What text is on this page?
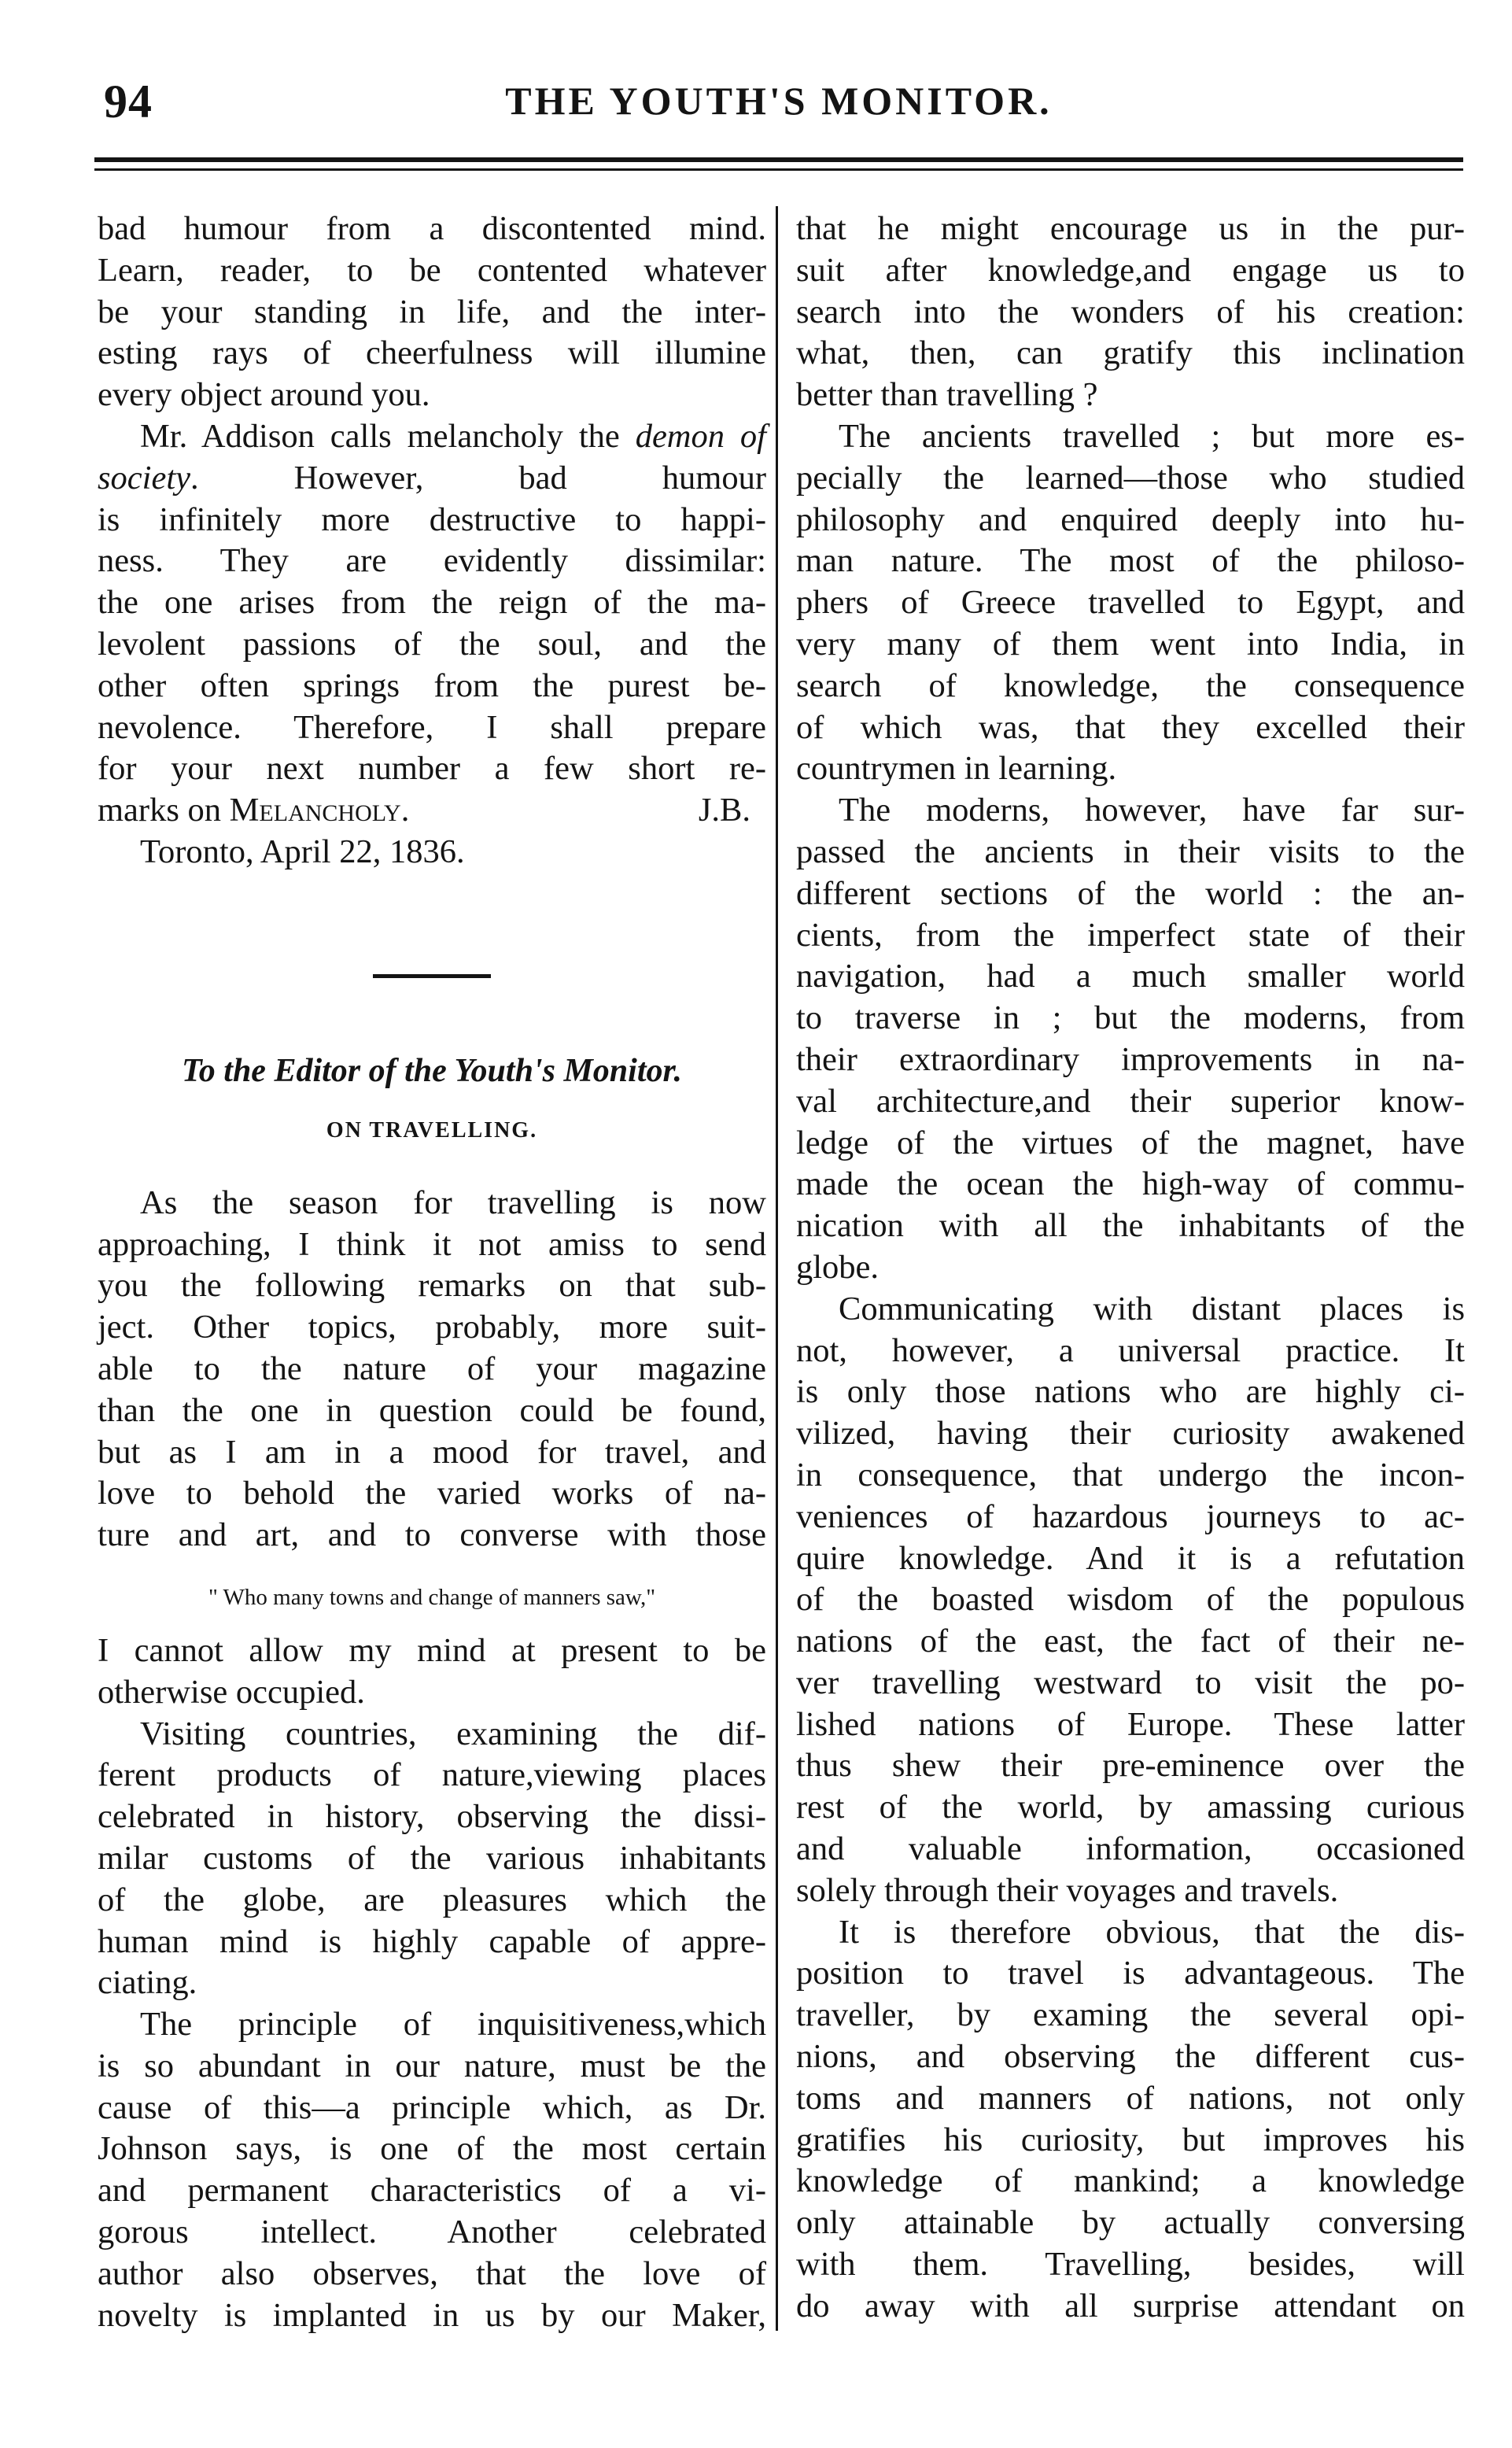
94	THE YOUTH'S MONITOR.
bad humour from a discontented mind.
Learn, reader, to be contented whatever
be your standing in life, and the inter-
esting rays of cheerfulness will illumine
every object around you.
Mr. Addison calls melancholy the demon of society. However, bad humour
is infinitely more destructive to happi-
ness. They are evidently dissimilar:
the one arises from the reign of the ma-
levolent passions of the soul, and the
other often springs from the purest be-
nevolence. Therefore, I shall prepare
for your next number a few short re-
marks on Melancholy.	J.B.
Toronto, April 22, 1836.
To the Editor of the Youth's Monitor.
ON TRAVELLING.
As the season for travelling is now
approaching, I think it not amiss to send
you the following remarks on that sub-
ject. Other topics, probably, more suit-
able to the nature of your magazine
than the one in question could be found,
but as I am in a mood for travel, and
love to behold the varied works of na-
ture and art, and to converse with those
" Who many towns and change of manners saw,"
I cannot allow my mind at present to be
otherwise occupied.
Visiting countries, examining the dif-
ferent products of nature,viewing places
celebrated in history, observing the dissi-
milar customs of the various inhabitants
of the globe, are pleasures which the
human mind is highly capable of appre-
ciating.
The principle of inquisitiveness,which
is so abundant in our nature, must be the
cause of this—a principle which, as Dr.
Johnson says, is one of the most certain
and permanent characteristics of a vi-
gorous intellect. Another celebrated
author also observes, that the love of
novelty is implanted in us by our Maker,
that he might encourage us in the pur-
suit after knowledge,and engage us to
search into the wonders of his creation:
what, then, can gratify this inclination
better than travelling ?
The ancients travelled ; but more es-
pecially the learned—those who studied
philosophy and enquired deeply into hu-
man nature. The most of the philoso-
phers of Greece travelled to Egypt, and
very many of them went into India, in
search of knowledge, the consequence
of which was, that they excelled their
countrymen in learning.
The moderns, however, have far sur-
passed the ancients in their visits to the
different sections of the world : the an-
cients, from the imperfect state of their
navigation, had a much smaller world
to traverse in ; but the moderns, from
their extraordinary improvements in na-
val architecture,and their superior know-
ledge of the virtues of the magnet, have
made the ocean the high-way of commu-
nication with all the inhabitants of the
globe.
Communicating with distant places is
not, however, a universal practice. It
is only those nations who are highly ci-
vilized, having their curiosity awakened
in consequence, that undergo the incon-
veniences of hazardous journeys to ac-
quire knowledge. And it is a refutation
of the boasted wisdom of the populous
nations of the east, the fact of their ne-
ver travelling westward to visit the po-
lished nations of Europe. These latter
thus shew their pre-eminence over the
rest of the world, by amassing curious
and valuable information, occasioned
solely through their voyages and travels.
It is therefore obvious, that the dis-
position to travel is advantageous. The
traveller, by examing the several opi-
nions, and observing the different cus-
toms and manners of nations, not only
gratifies his curiosity, but improves his
knowledge of mankind; a knowledge
only attainable by actually conversing
with them. Travelling, besides, will
do away with all surprise attendant on
